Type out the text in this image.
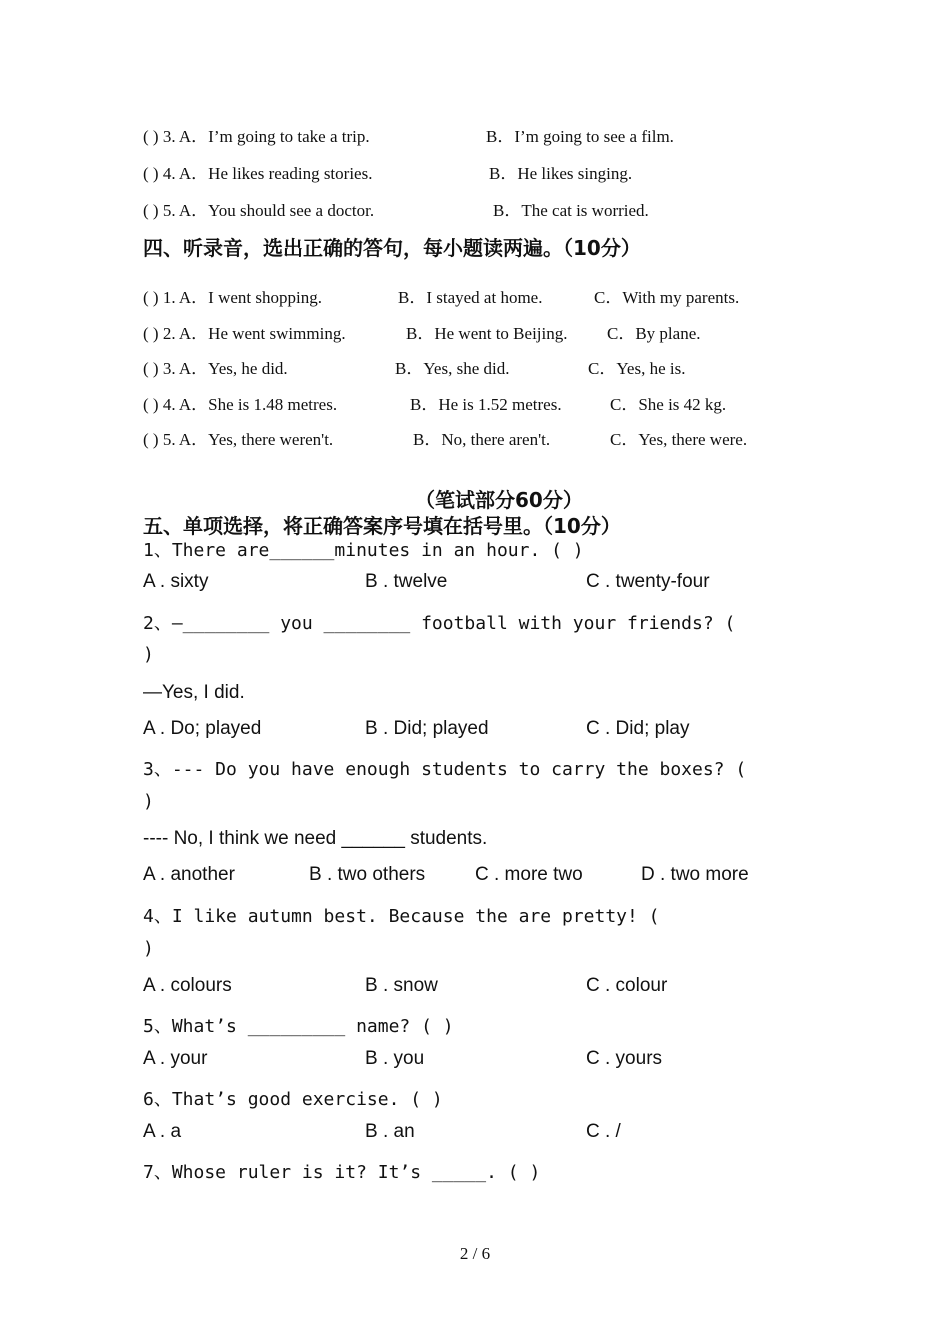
( ) 3. A．I’m going to take a trip.	B．I’m going to see a film.
( ) 4. A．He likes reading stories.	B．He likes singing.
( ) 5. A．You should see a doctor.	B．The cat is worried.
四、听录音，选出正确的答句，每小题读两遍。（10分）
( ) 1. A．I went shopping.	B．I stayed at home.	C．With my parents.
( ) 2. A．He went swimming.	B．He went to Beijing. C．By plane.
( ) 3. A．Yes, he did.	B．Yes, she did.	C．Yes, he is.
( ) 4. A．She is 1.48 metres.	B．He is 1.52 metres.	C．She is 42 kg.
( ) 5. A．Yes, there weren't.	B．No, there aren't.	C．Yes, there were.
（笔试部分60分）
五、单项选择，将正确答案序号填在括号里。（10分）
1、There are______minutes in an hour. ( )
A . sixty	B . twelve	C . twenty-four
2、—________ you ________ football with your friends? (
)
—Yes, I did.
A . Do; played	B . Did; played	C . Did; play
3、--- Do you have enough students to carry the boxes? (
)
---- No, I think we need ______ students.
A . another	B . two others	C . more two	D . two more
4、I like autumn best. Because the are pretty! (
)
A . colours	B . snow	C . colour
5、What’s _________ name? ( )
A . your	B . you	C . yours
6、That’s good exercise. ( )
A . a	B . an	C . /
7、Whose ruler is it? It’s _____. ( )
2 / 6
